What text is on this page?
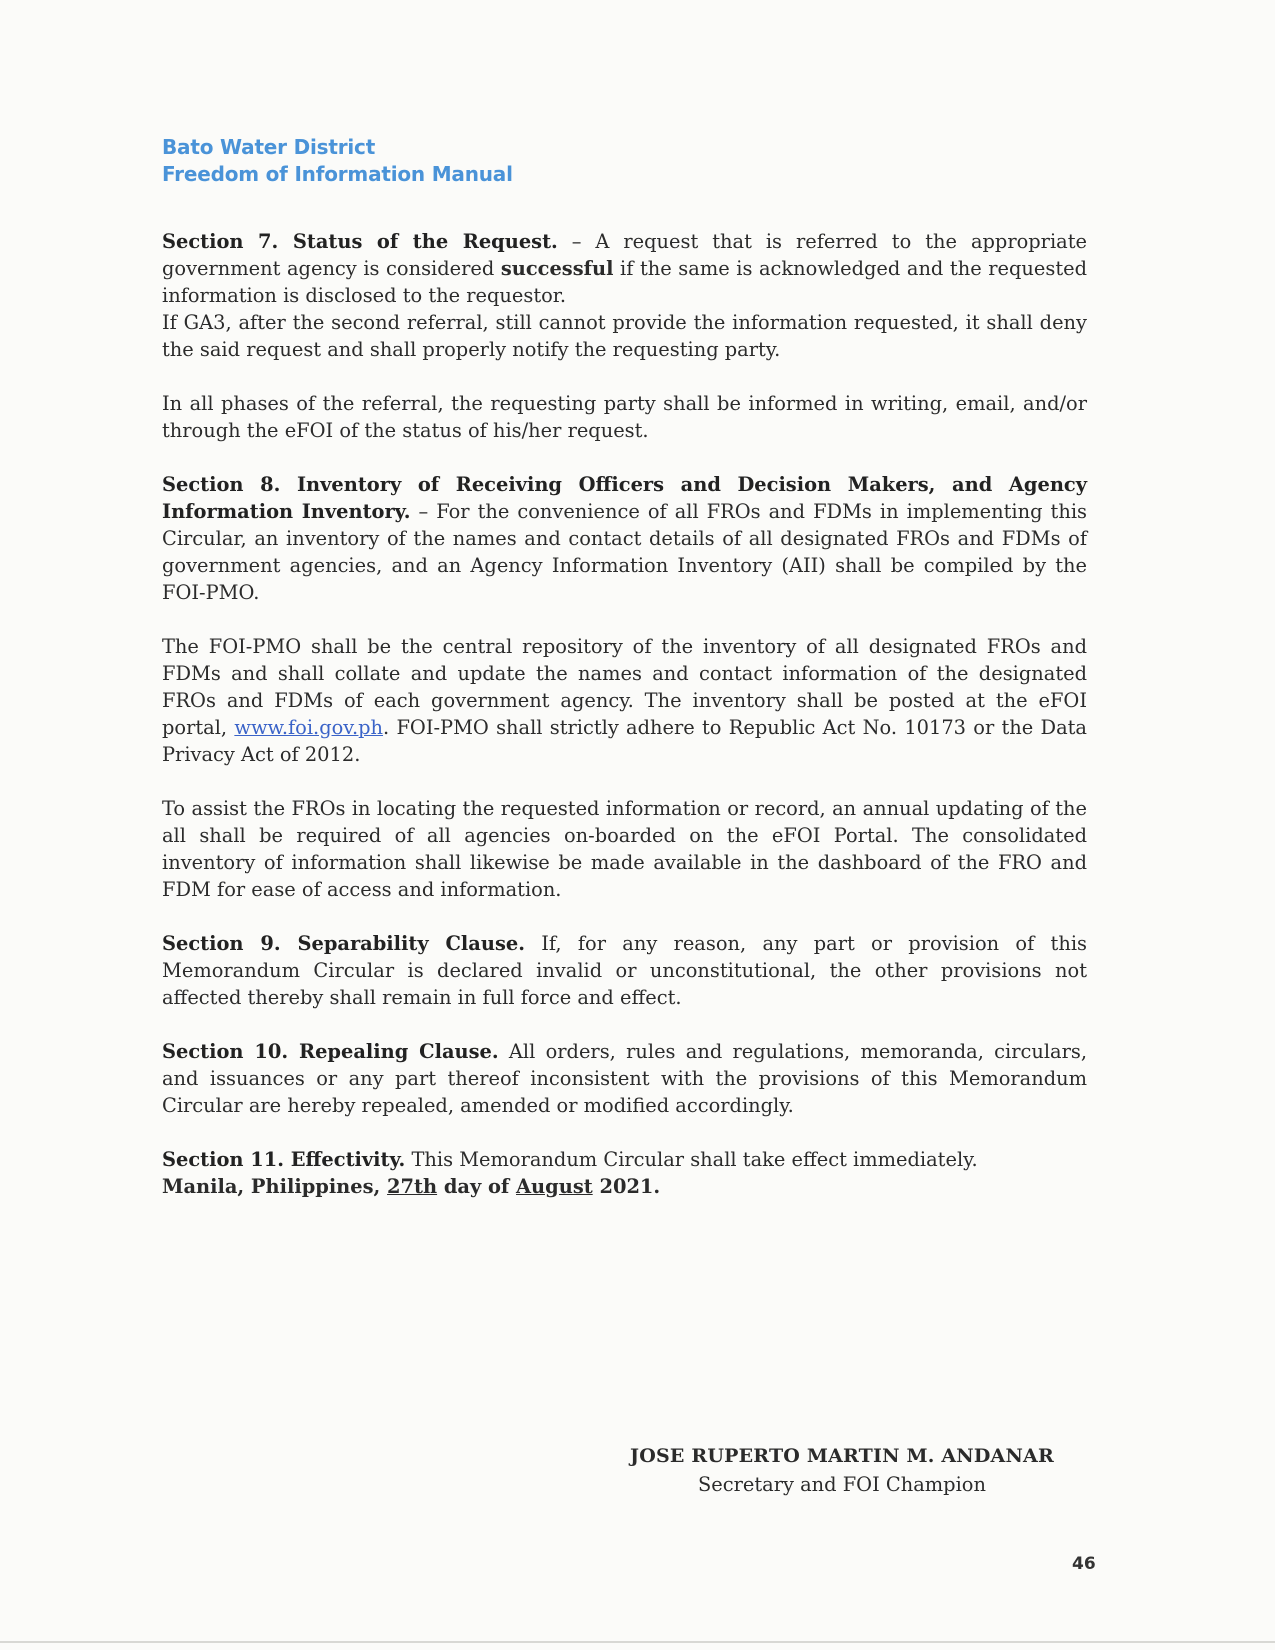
Bato Water District
Freedom of Information Manual

Section 7. Status of the Request. – A request that is referred to the appropriate government agency is considered successful if the same is acknowledged and the requested information is disclosed to the requestor.

If GA3, after the second referral, still cannot provide the information requested, it shall deny the said request and shall properly notify the requesting party.

In all phases of the referral, the requesting party shall be informed in writing, email, and/or through the eFOI of the status of his/her request.

Section 8. Inventory of Receiving Officers and Decision Makers, and Agency Information Inventory. – For the convenience of all FROs and FDMs in implementing this Circular, an inventory of the names and contact details of all designated FROs and FDMs of government agencies, and an Agency Information Inventory (AII) shall be compiled by the FOI-PMO.

The FOI-PMO shall be the central repository of the inventory of all designated FROs and FDMs and shall collate and update the names and contact information of the designated FROs and FDMs of each government agency. The inventory shall be posted at the eFOI portal, www.foi.gov.ph. FOI-PMO shall strictly adhere to Republic Act No. 10173 or the Data Privacy Act of 2012.

To assist the FROs in locating the requested information or record, an annual updating of the all shall be required of all agencies on-boarded on the eFOI Portal. The consolidated inventory of information shall likewise be made available in the dashboard of the FRO and FDM for ease of access and information.

Section 9. Separability Clause. If, for any reason, any part or provision of this Memorandum Circular is declared invalid or unconstitutional, the other provisions not affected thereby shall remain in full force and effect.

Section 10. Repealing Clause. All orders, rules and regulations, memoranda, circulars, and issuances or any part thereof inconsistent with the provisions of this Memorandum Circular are hereby repealed, amended or modified accordingly.

Section 11. Effectivity. This Memorandum Circular shall take effect immediately.

Manila, Philippines, 27th day of August 2021.

JOSE RUPERTO MARTIN M. ANDANAR
Secretary and FOI Champion
46
